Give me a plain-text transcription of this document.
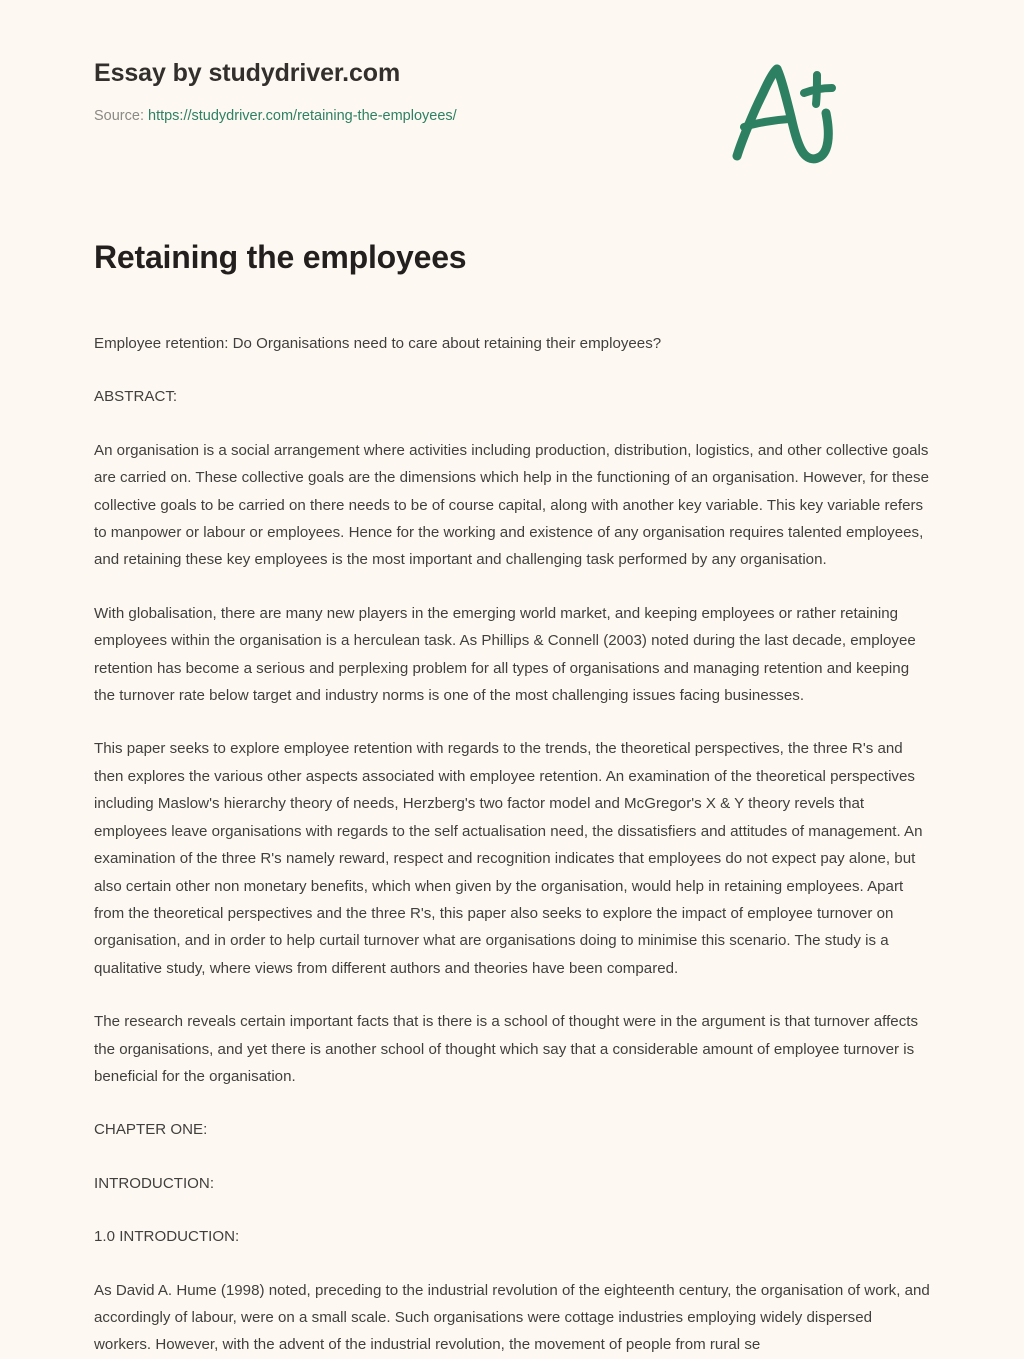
Essay by studydriver.com
Source: https://studydriver.com/retaining-the-employees/
Retaining the employees

Employee retention: Do Organisations need to care about retaining their employees?

ABSTRACT:

An organisation is a social arrangement where activities including production, distribution, logistics, and other collective goals are carried on. These collective goals are the dimensions which help in the functioning of an organisation. However, for these collective goals to be carried on there needs to be of course capital, along with another key variable. This key variable refers to manpower or labour or employees. Hence for the working and existence of any organisation requires talented employees, and retaining these key employees is the most important and challenging task performed by any organisation.

With globalisation, there are many new players in the emerging world market, and keeping employees or rather retaining employees within the organisation is a herculean task. As Phillips & Connell (2003) noted during the last decade, employee retention has become a serious and perplexing problem for all types of organisations and managing retention and keeping the turnover rate below target and industry norms is one of the most challenging issues facing businesses.

This paper seeks to explore employee retention with regards to the trends, the theoretical perspectives, the three R's and then explores the various other aspects associated with employee retention. An examination of the theoretical perspectives including Maslow's hierarchy theory of needs, Herzberg's two factor model and McGregor's X & Y theory revels that employees leave organisations with regards to the self actualisation need, the dissatisfiers and attitudes of management. An examination of the three R's namely reward, respect and recognition indicates that employees do not expect pay alone, but also certain other non monetary benefits, which when given by the organisation, would help in retaining employees. Apart from the theoretical perspectives and the three R's, this paper also seeks to explore the impact of employee turnover on organisation, and in order to help curtail turnover what are organisations doing to minimise this scenario. The study is a qualitative study, where views from different authors and theories have been compared.

The research reveals certain important facts that is there is a school of thought were in the argument is that turnover affects the organisations, and yet there is another school of thought which say that a considerable amount of employee turnover is beneficial for the organisation.

CHAPTER ONE:

INTRODUCTION:

1.0 INTRODUCTION:

As David A. Hume (1998) noted, preceding to the industrial revolution of the eighteenth century, the organisation of work, and accordingly of labour, were on a small scale. Such organisations were cottage industries employing widely dispersed workers. However, with the advent of the industrial revolution, the movement of people from rural se
